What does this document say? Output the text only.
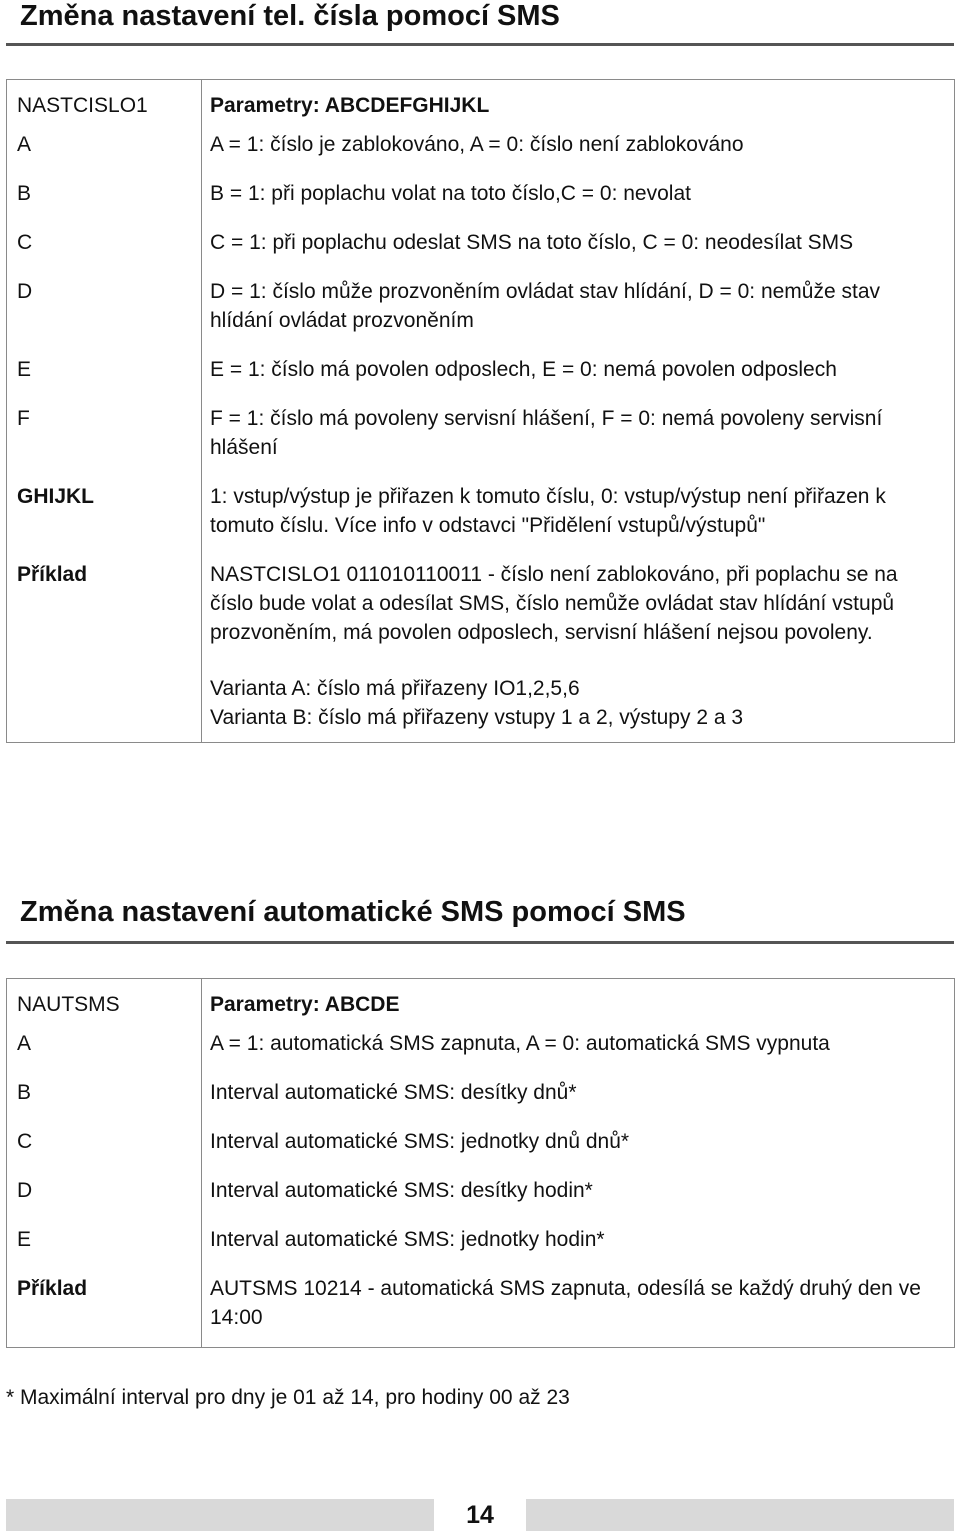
Změna nastavení tel. čísla pomocí SMS
NASTCISLO1	Parametry: ABCDEFGHIJKL
A	A = 1: číslo je zablokováno, A = 0: číslo není zablokováno
B	B = 1: při poplachu volat na toto číslo,C = 0: nevolat
C	C = 1: při poplachu odeslat SMS na toto číslo, C = 0: neodesílat SMS
D	D = 1: číslo může prozvoněním ovládat stav hlídání, D = 0: nemůže stav hlídání ovládat prozvoněním
E	E = 1: číslo má povolen odposlech, E = 0: nemá povolen odposlech
F	F = 1: číslo má povoleny servisní hlášení, F = 0: nemá povoleny servisní hlášení
GHIJKL	1: vstup/výstup je přiřazen k tomuto číslu, 0: vstup/výstup není přiřazen k tomuto číslu. Více info v odstavci "Přidělení vstupů/výstupů"
Příklad	NASTCISLO1 011010110011 - číslo není zablokováno, při poplachu se na číslo bude volat a odesílat SMS, číslo nemůže ovládat stav hlídání vstupů prozvoněním, má povolen odposlech, servisní hlášení nejsou povoleny.
Varianta A: číslo má přiřazeny IO1,2,5,6
Varianta B: číslo má přiřazeny vstupy 1 a 2, výstupy 2 a 3
Změna nastavení automatické SMS pomocí SMS
NAUTSMS	Parametry: ABCDE
A	A = 1: automatická SMS zapnuta, A = 0: automatická SMS vypnuta
B	Interval automatické SMS: desítky dnů*
C	Interval automatické SMS: jednotky dnů dnů*
D	Interval automatické SMS: desítky hodin*
E	Interval automatické SMS: jednotky hodin*
Příklad	AUTSMS 10214 - automatická SMS zapnuta, odesílá se každý druhý den ve 14:00

* Maximální interval pro dny je 01 až 14, pro hodiny 00 až 23

14
